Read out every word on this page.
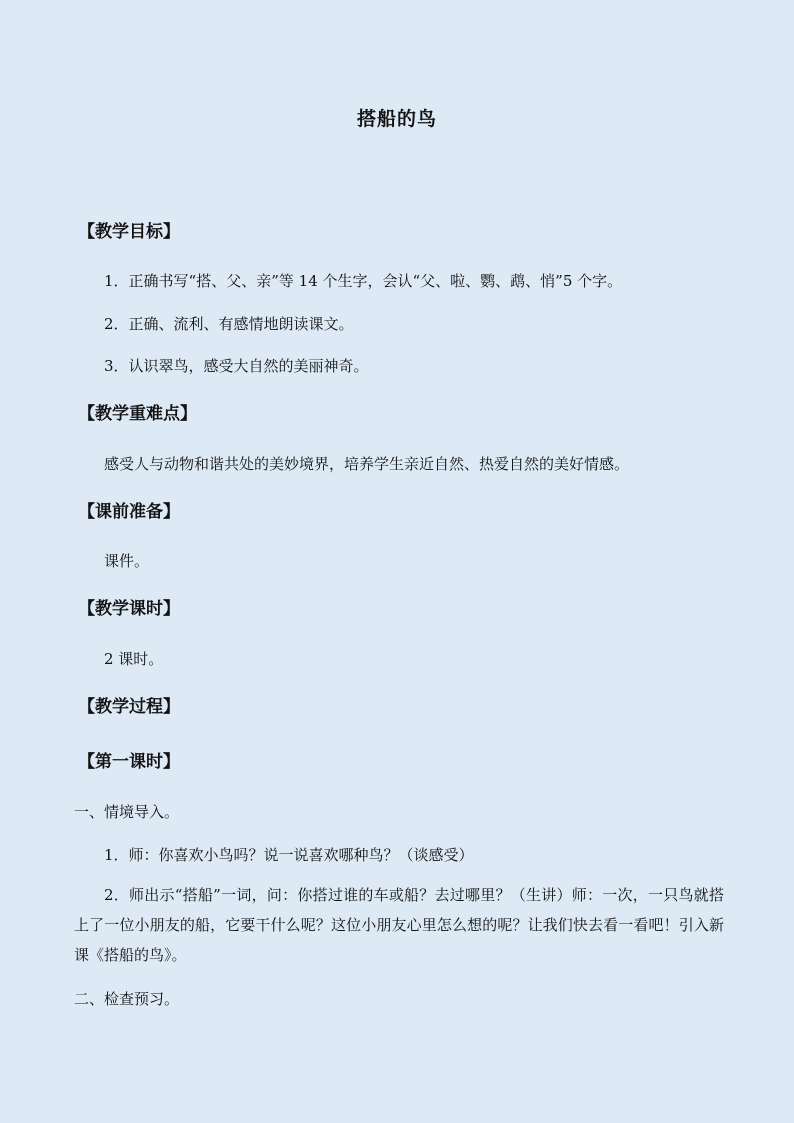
搭船的鸟
【教学目标】
1．正确书写“搭、父、亲”等 14 个生字，会认“父、啦、鹦、鹉、悄”5 个字。
2．正确、流利、有感情地朗读课文。
3．认识翠鸟，感受大自然的美丽神奇。
【教学重难点】
感受人与动物和谐共处的美妙境界，培养学生亲近自然、热爱自然的美好情感。
【课前准备】
课件。
【教学课时】
2 课时。
【教学过程】
【第一课时】
一、情境导入。
1．师：你喜欢小鸟吗？说一说喜欢哪种鸟？（谈感受）
2．师出示“搭船”一词，问：你搭过谁的车或船？去过哪里？（生讲）师：一次，一只鸟就搭上了一位小朋友的船，它要干什么呢？这位小朋友心里怎么想的呢？让我们快去看一看吧！引入新课《搭船的鸟》。
二、检查预习。
